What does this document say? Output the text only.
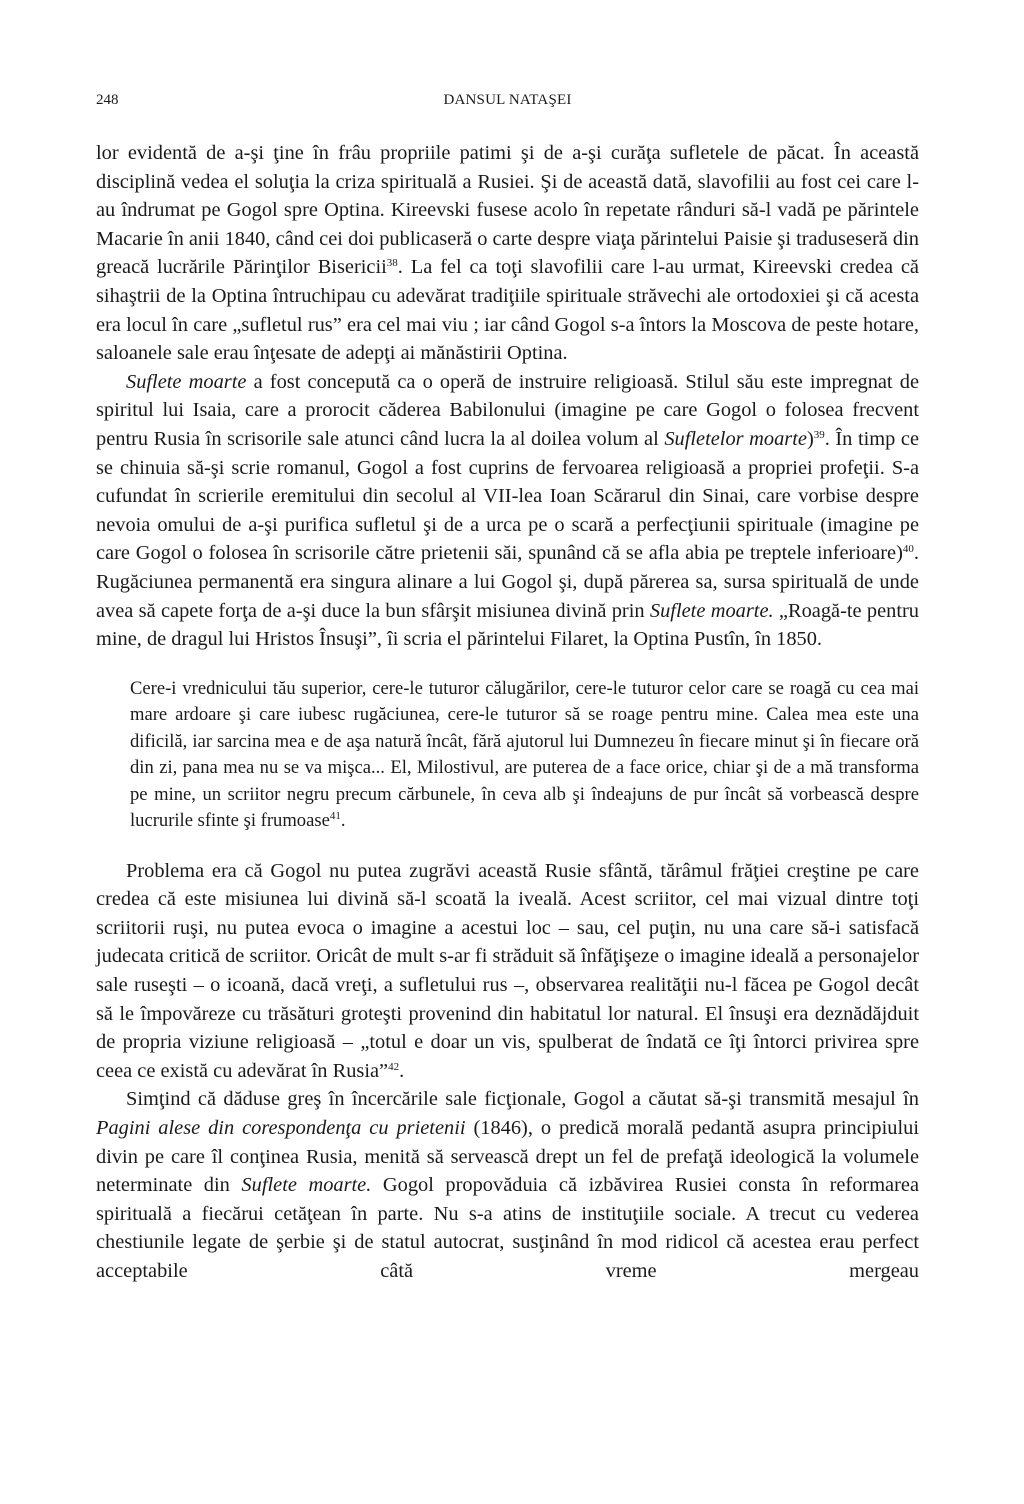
248	DANSUL NATAŞEI

lor evidentă de a-şi ţine în frâu propriile patimi şi de a-şi curăţa sufletele de păcat. În această disciplină vedea el soluţia la criza spirituală a Rusiei. Şi de această dată, slavofilii au fost cei care l-au îndrumat pe Gogol spre Optina. Kireevski fusese acolo în repetate rânduri să-l vadă pe părintele Macarie în anii 1840, când cei doi publicaseră o carte despre viaţa părintelui Paisie şi traduseseră din greacă lucrările Părinţilor Bisericii$^{38}$. La fel ca toţi slavofilii care l-au urmat, Kireevski credea că sihaştrii de la Optina întruchipau cu adevărat tradiţiile spirituale străvechi ale ortodoxiei şi că acesta era locul în care „sufletul rus” era cel mai viu ; iar când Gogol s-a întors la Moscova de peste hotare, saloanele sale erau înţesate de adepţi ai mănăstirii Optina.

Suflete moarte a fost concepută ca o operă de instruire religioasă. Stilul său este impregnat de spiritul lui Isaia, care a prorocit căderea Babilonului (imagine pe care Gogol o folosea frecvent pentru Rusia în scrisorile sale atunci când lucra la al doilea volum al Sufletelor moarte)$^{39}$. În timp ce se chinuia să-şi scrie romanul, Gogol a fost cuprins de fervoarea religioasă a propriei profeţii. S-a cufundat în scrierile eremitului din secolul al VII-lea Ioan Scărarul din Sinai, care vorbise despre nevoia omului de a-şi purifica sufletul şi de a urca pe o scară a perfecţiunii spirituale (imagine pe care Gogol o folosea în scrisorile către prietenii săi, spunând că se afla abia pe treptele inferioare)$^{40}$. Rugăciunea permanentă era singura alinare a lui Gogol şi, după părerea sa, sursa spirituală de unde avea să capete forţa de a-şi duce la bun sfârşit misiunea divină prin Suflete moarte. „Roagă-te pentru mine, de dragul lui Hristos Însuşi”, îi scria el părintelui Filaret, la Optina Pustîn, în 1850.

Cere-i vrednicului tău superior, cere-le tuturor călugărilor, cere-le tuturor celor care se roagă cu cea mai mare ardoare şi care iubesc rugăciunea, cere-le tuturor să se roage pentru mine. Calea mea este una dificilă, iar sarcina mea e de aşa natură încât, fără ajutorul lui Dumnezeu în fiecare minut şi în fiecare oră din zi, pana mea nu se va mişca... El, Milostivul, are puterea de a face orice, chiar şi de a mă transforma pe mine, un scriitor negru precum cărbunele, în ceva alb şi îndeajuns de pur încât să vorbească despre lucrurile sfinte şi frumoase$^{41}$.

Problema era că Gogol nu putea zugrăvi această Rusie sfântă, tărâmul frăţiei creştine pe care credea că este misiunea lui divină să-l scoată la iveală. Acest scriitor, cel mai vizual dintre toţi scriitorii ruşi, nu putea evoca o imagine a acestui loc – sau, cel puţin, nu una care să-i satisfacă judecata critică de scriitor. Oricât de mult s-ar fi străduit să înfăţişeze o imagine ideală a personajelor sale ruseşti – o icoană, dacă vreţi, a sufletului rus –, observarea realităţii nu-l făcea pe Gogol decât să le împovăreze cu trăsături groteşti provenind din habitatul lor natural. El însuşi era deznădăjduit de propria viziune religioasă – „totul e doar un vis, spulberat de îndată ce îţi întorci privirea spre ceea ce există cu adevărat în Rusia”$^{42}$.

Simţind că dăduse greş în încercările sale ficţionale, Gogol a căutat să-şi transmită mesajul în Pagini alese din corespondenţa cu prietenii (1846), o predică morală pedantă asupra principiului divin pe care îl conţinea Rusia, menită să servească drept un fel de prefaţă ideologică la volumele neterminate din Suflete moarte. Gogol propovăduia că izbăvirea Rusiei consta în reformarea spirituală a fiecărui cetăţean în parte. Nu s-a atins de instituţiile sociale. A trecut cu vederea chestiunile legate de şerbie şi de statul autocrat, susţinând în mod ridicol că acestea erau perfect acceptabile câtă vreme mergeau
